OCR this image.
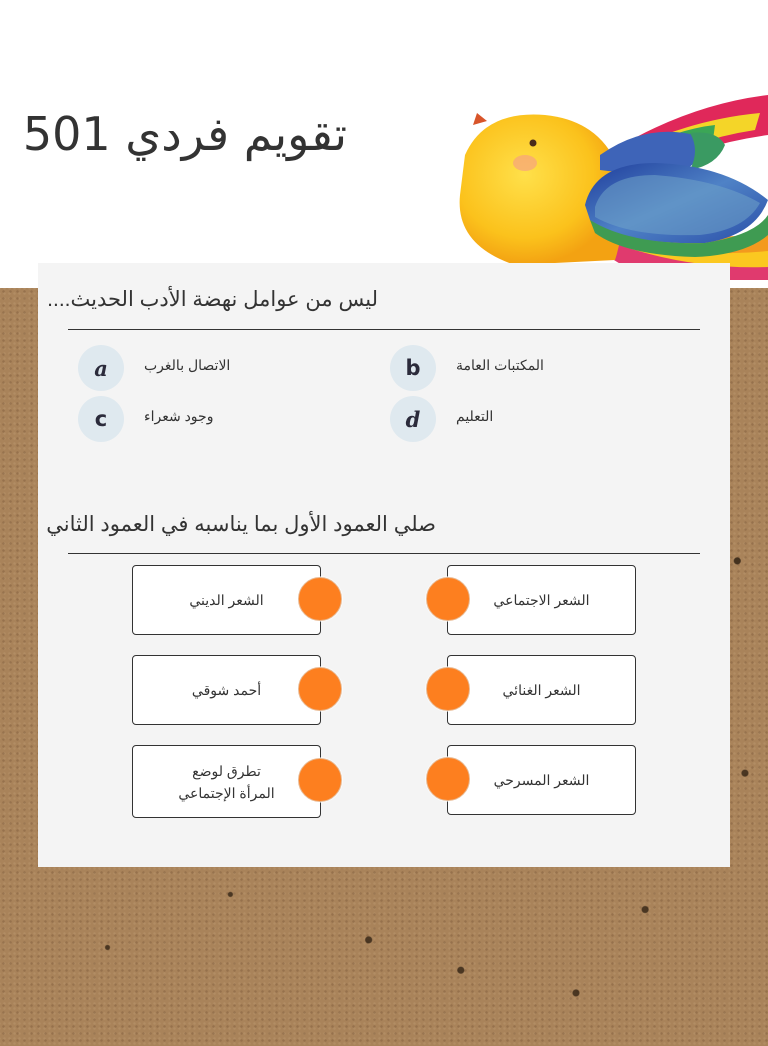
تقويم فردي 501
ليس من عوامل نهضة الأدب الحديث....
a	الاتصال بالغرب	b	المكتبات العامة
c	وجود شعراء	d	التعليم
صلي العمود الأول بما يناسبه في العمود الثاني
الشعر الديني
أحمد شوقي
تطرق لوضع المرأة الإجتماعي
الشعر الاجتماعي
الشعر الغنائي
الشعر المسرحي
